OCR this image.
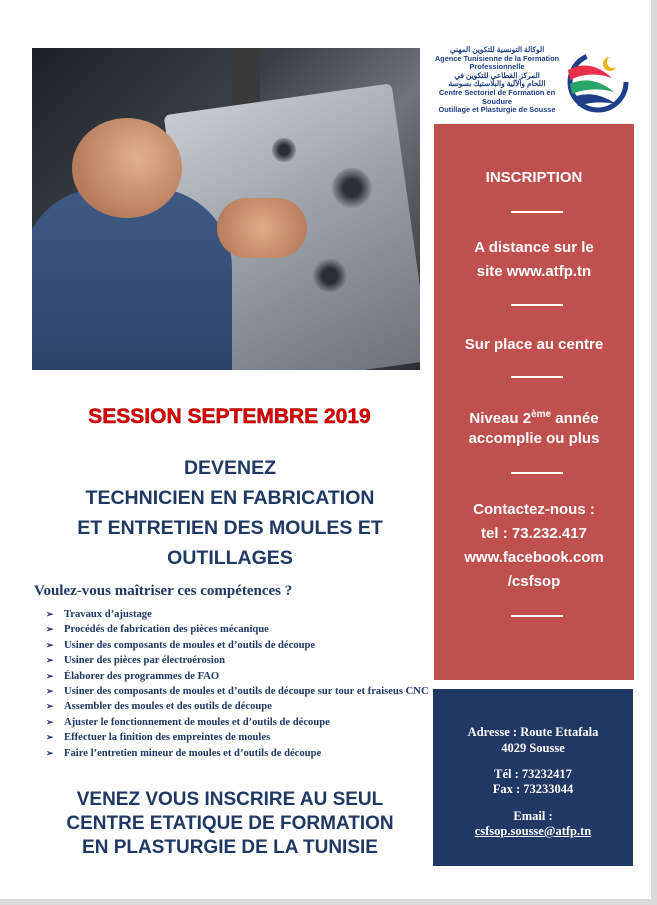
الوكالة التونسية للتكوين المهني
Agence Tunisienne de la Formation
Professionnelle
المركز القطاعي للتكوين في
اللحام والآلية والبلاستيك بسوسة
Centre Sectoriel de Formation en Soudure
Outillage et Plasturgie de Sousse
INSCRIPTION
A distance sur le
site www.atfp.tn
Sur place au centre
Niveau 2ème année
accomplie ou plus
Contactez-nous :
tel : 73.232.417
www.facebook.com
/csfsop
Adresse : Route Ettafala
4029 Sousse
Tél : 73232417
Fax : 73233044
Email :
csfsop.sousse@atfp.tn
SESSION SEPTEMBRE 2019
DEVENEZ
TECHNICIEN EN FABRICATION
ET ENTRETIEN DES MOULES ET
OUTILLAGES
Voulez-vous maîtriser ces compétences ?
➢ Travaux d’ajustage
➢ Procédés de fabrication des pièces mécanique
➢ Usiner des composants de moules et d’outils de découpe
➢ Usiner des pièces par électroérosion
➢ Élaborer des programmes de FAO
➢ Usiner des composants de moules et d’outils de découpe sur tour et fraiseus CNC
➢ Assembler des moules et des outils de découpe
➢ Ajuster le fonctionnement de moules et d’outils de découpe
➢ Effectuer la finition des empreintes de moules
➢ Faire l’entretien mineur de moules et d’outils de découpe
VENEZ VOUS INSCRIRE AU SEUL
CENTRE ETATIQUE DE FORMATION
EN PLASTURGIE DE LA TUNISIE
